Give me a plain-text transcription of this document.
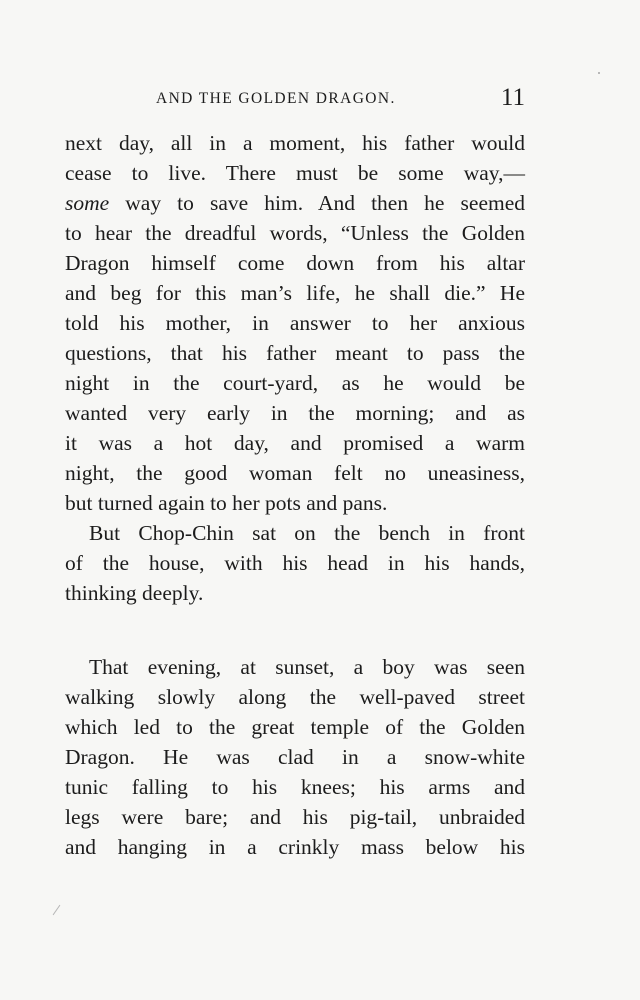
AND THE GOLDEN DRAGON.	11
next day, all in a moment, his father would
cease to live. There must be some way,—
some way to save him. And then he seemed
to hear the dreadful words, “Unless the Golden
Dragon himself come down from his altar
and beg for this man’s life, he shall die.” He
told his mother, in answer to her anxious
questions, that his father meant to pass the
night in the court-yard, as he would be
wanted very early in the morning; and as
it was a hot day, and promised a warm
night, the good woman felt no uneasiness,
but turned again to her pots and pans.
But Chop-Chin sat on the bench in front
of the house, with his head in his hands,
thinking deeply.
That evening, at sunset, a boy was seen
walking slowly along the well-paved street
which led to the great temple of the Golden
Dragon. He was clad in a snow-white
tunic falling to his knees; his arms and
legs were bare; and his pig-tail, unbraided
and hanging in a crinkly mass below his
